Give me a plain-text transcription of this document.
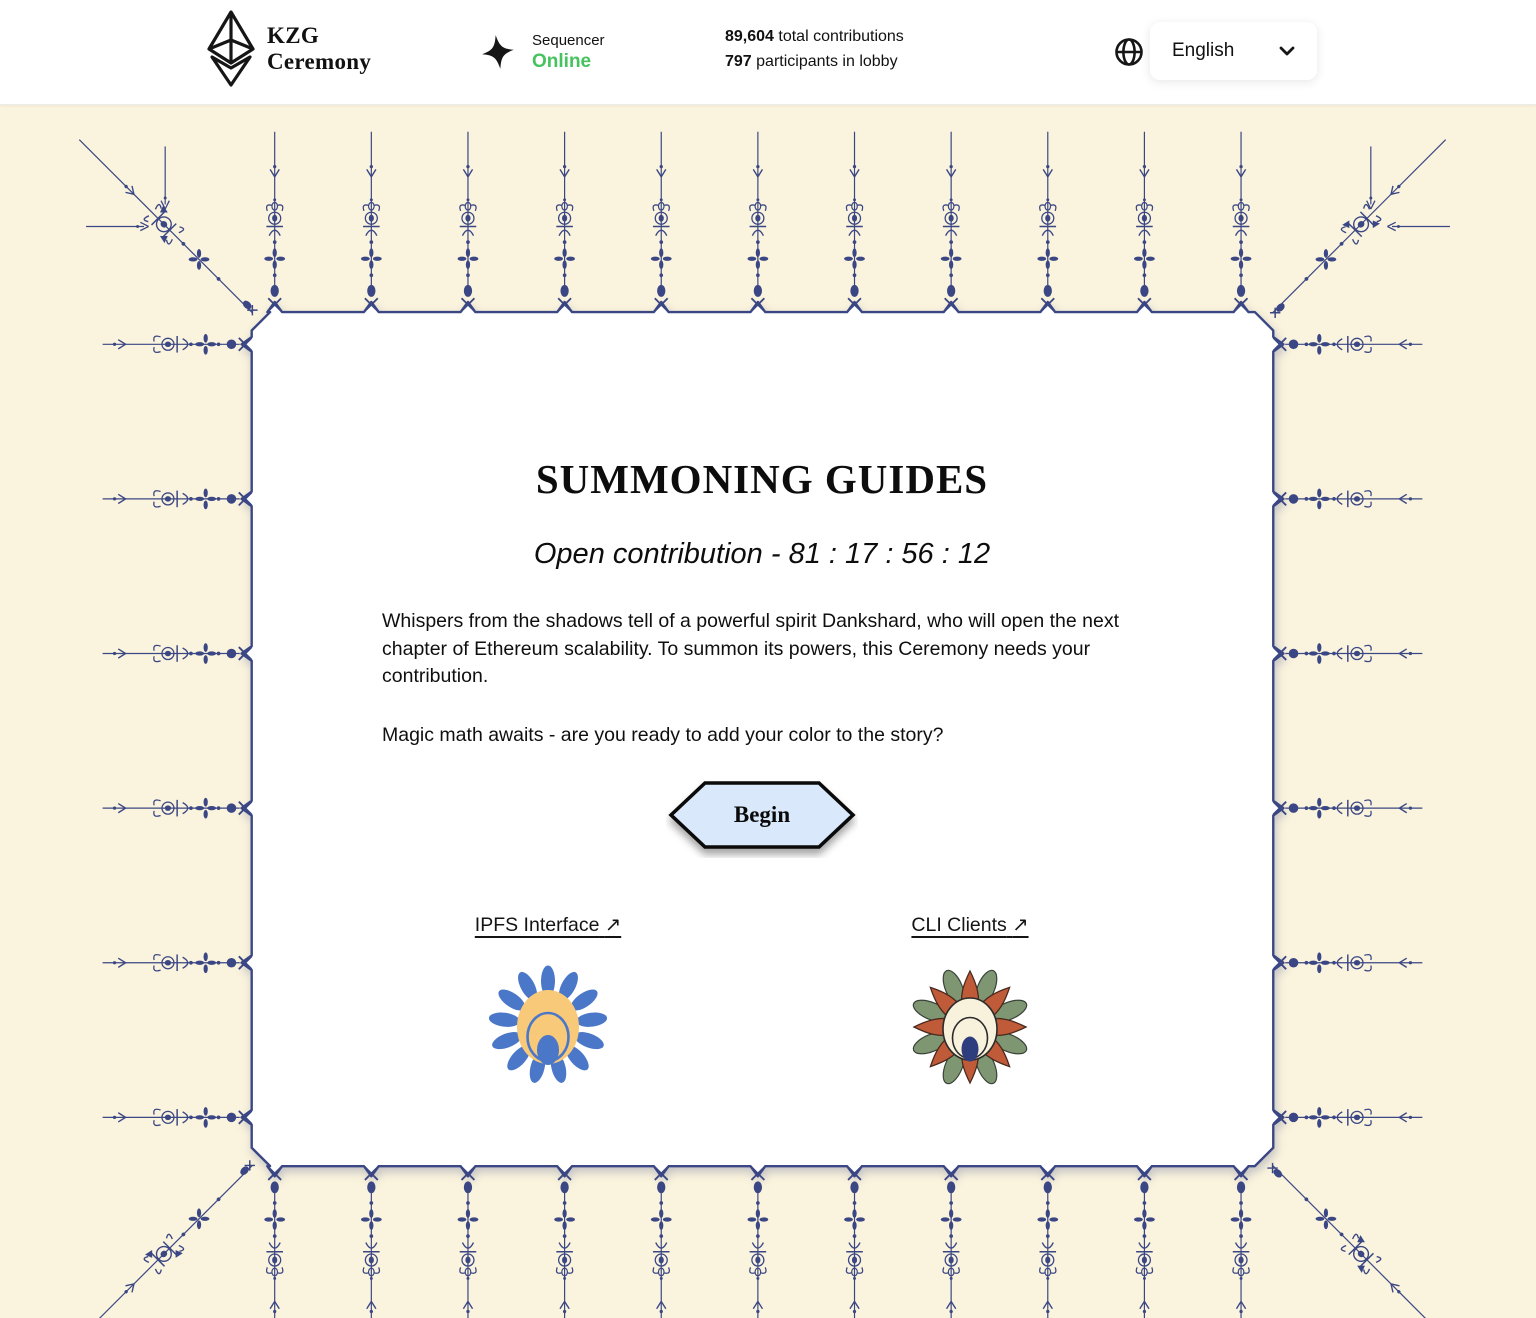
KZG
Ceremony
Sequencer
Online
89,604 total contributions
797 participants in lobby
English
SUMMONING GUIDES
Open contribution - 81 : 17 : 56 : 12

Whispers from the shadows tell of a powerful spirit Dankshard, who will open the next chapter of Ethereum scalability. To summon its powers, this Ceremony needs your contribution.

Magic math awaits - are you ready to add your color to the story?

Begin
IPFS Interface ↗	CLI Clients ↗
